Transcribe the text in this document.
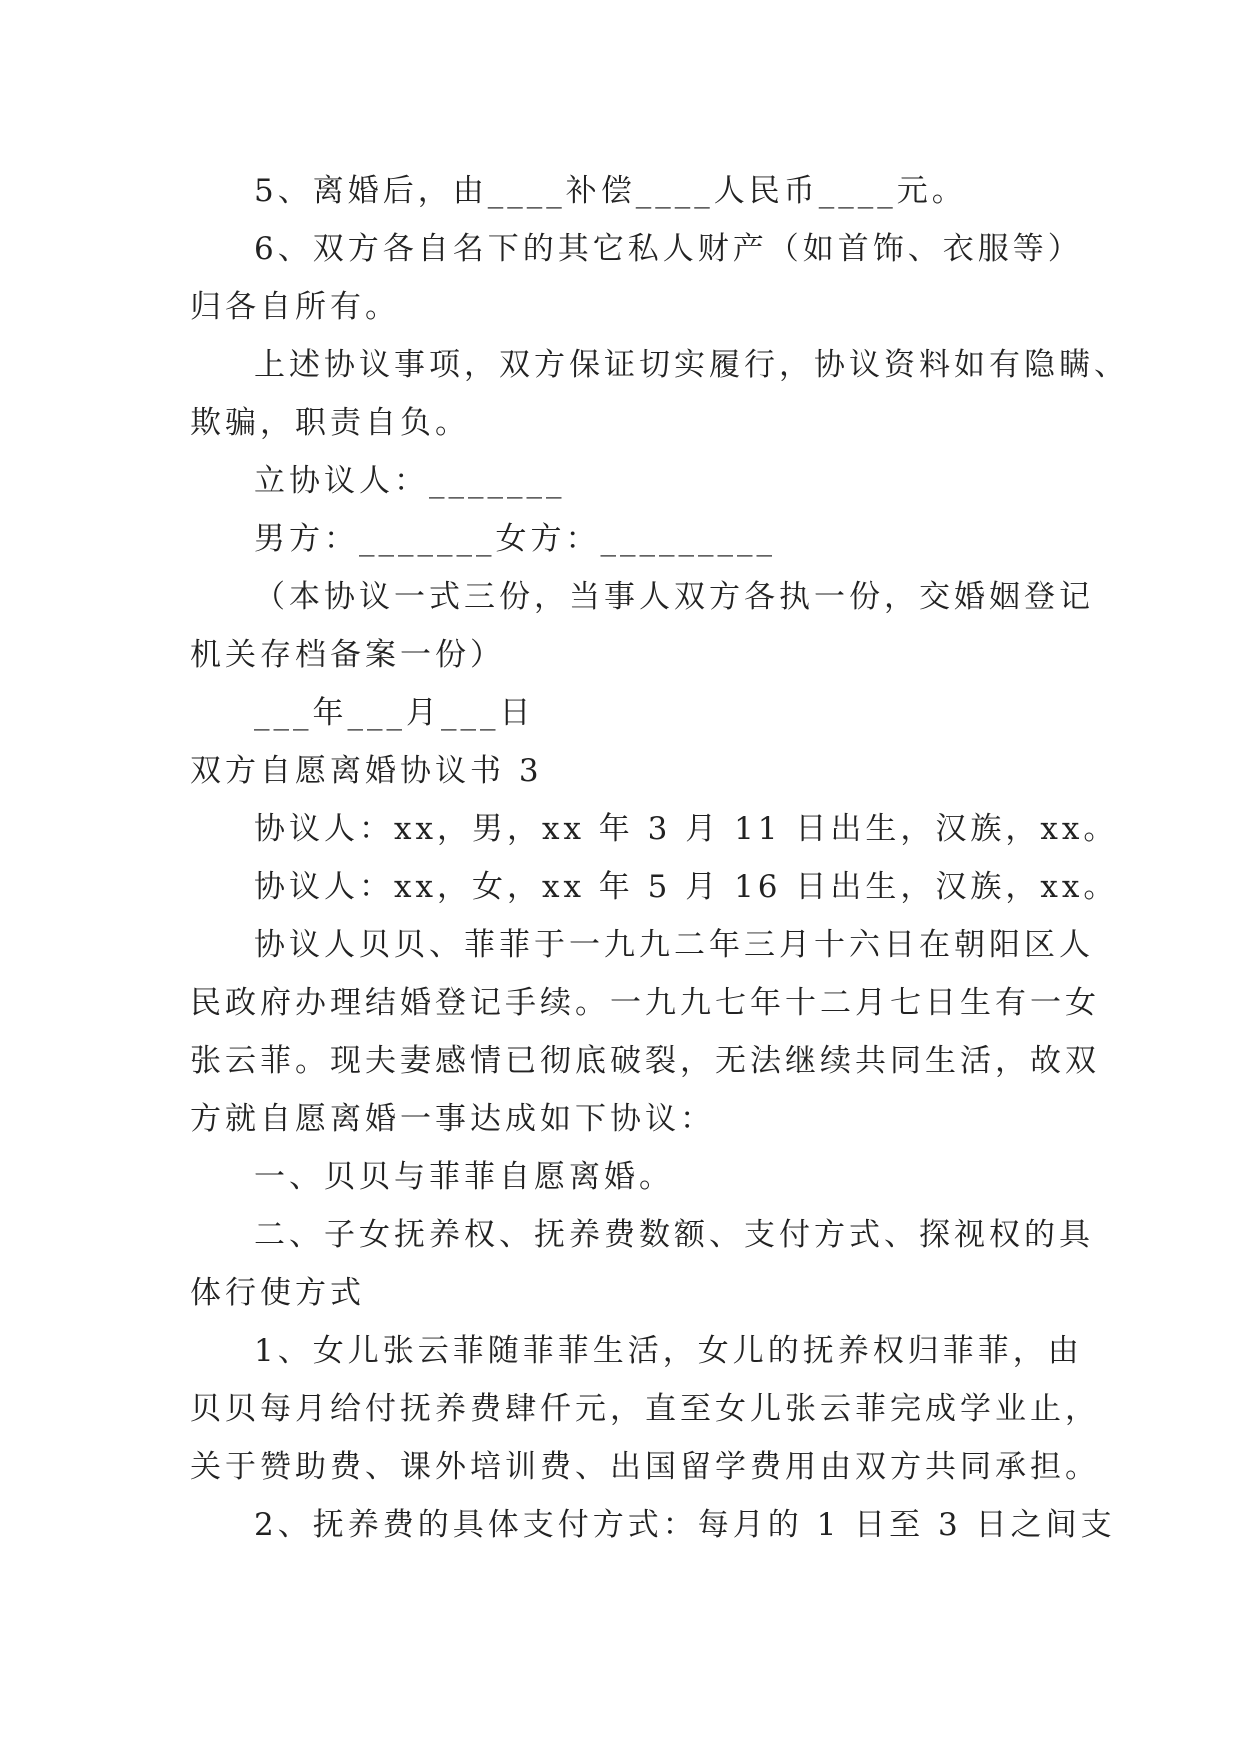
5、离婚后，由____补偿____人民币____元。

6、双方各自名下的其它私人财产（如首饰、衣服等）

归各自所有。

上述协议事项，双方保证切实履行，协议资料如有隐瞒、

欺骗，职责自负。

立协议人：_______

男方：_______女方：_________

（本协议一式三份，当事人双方各执一份，交婚姻登记

机关存档备案一份）

___年___月___日

双方自愿离婚协议书 3

协议人：xx，男，xx 年 3 月 11 日出生，汉族，xx。

协议人：xx，女，xx 年 5 月 16 日出生，汉族，xx。

协议人贝贝、菲菲于一九九二年三月十六日在朝阳区人

民政府办理结婚登记手续。一九九七年十二月七日生有一女

张云菲。现夫妻感情已彻底破裂，无法继续共同生活，故双

方就自愿离婚一事达成如下协议：

一、贝贝与菲菲自愿离婚。

二、子女抚养权、抚养费数额、支付方式、探视权的具

体行使方式

1、女儿张云菲随菲菲生活，女儿的抚养权归菲菲，由

贝贝每月给付抚养费肆仟元，直至女儿张云菲完成学业止，

关于赞助费、课外培训费、出国留学费用由双方共同承担。

2、抚养费的具体支付方式：每月的 1 日至 3 日之间支
